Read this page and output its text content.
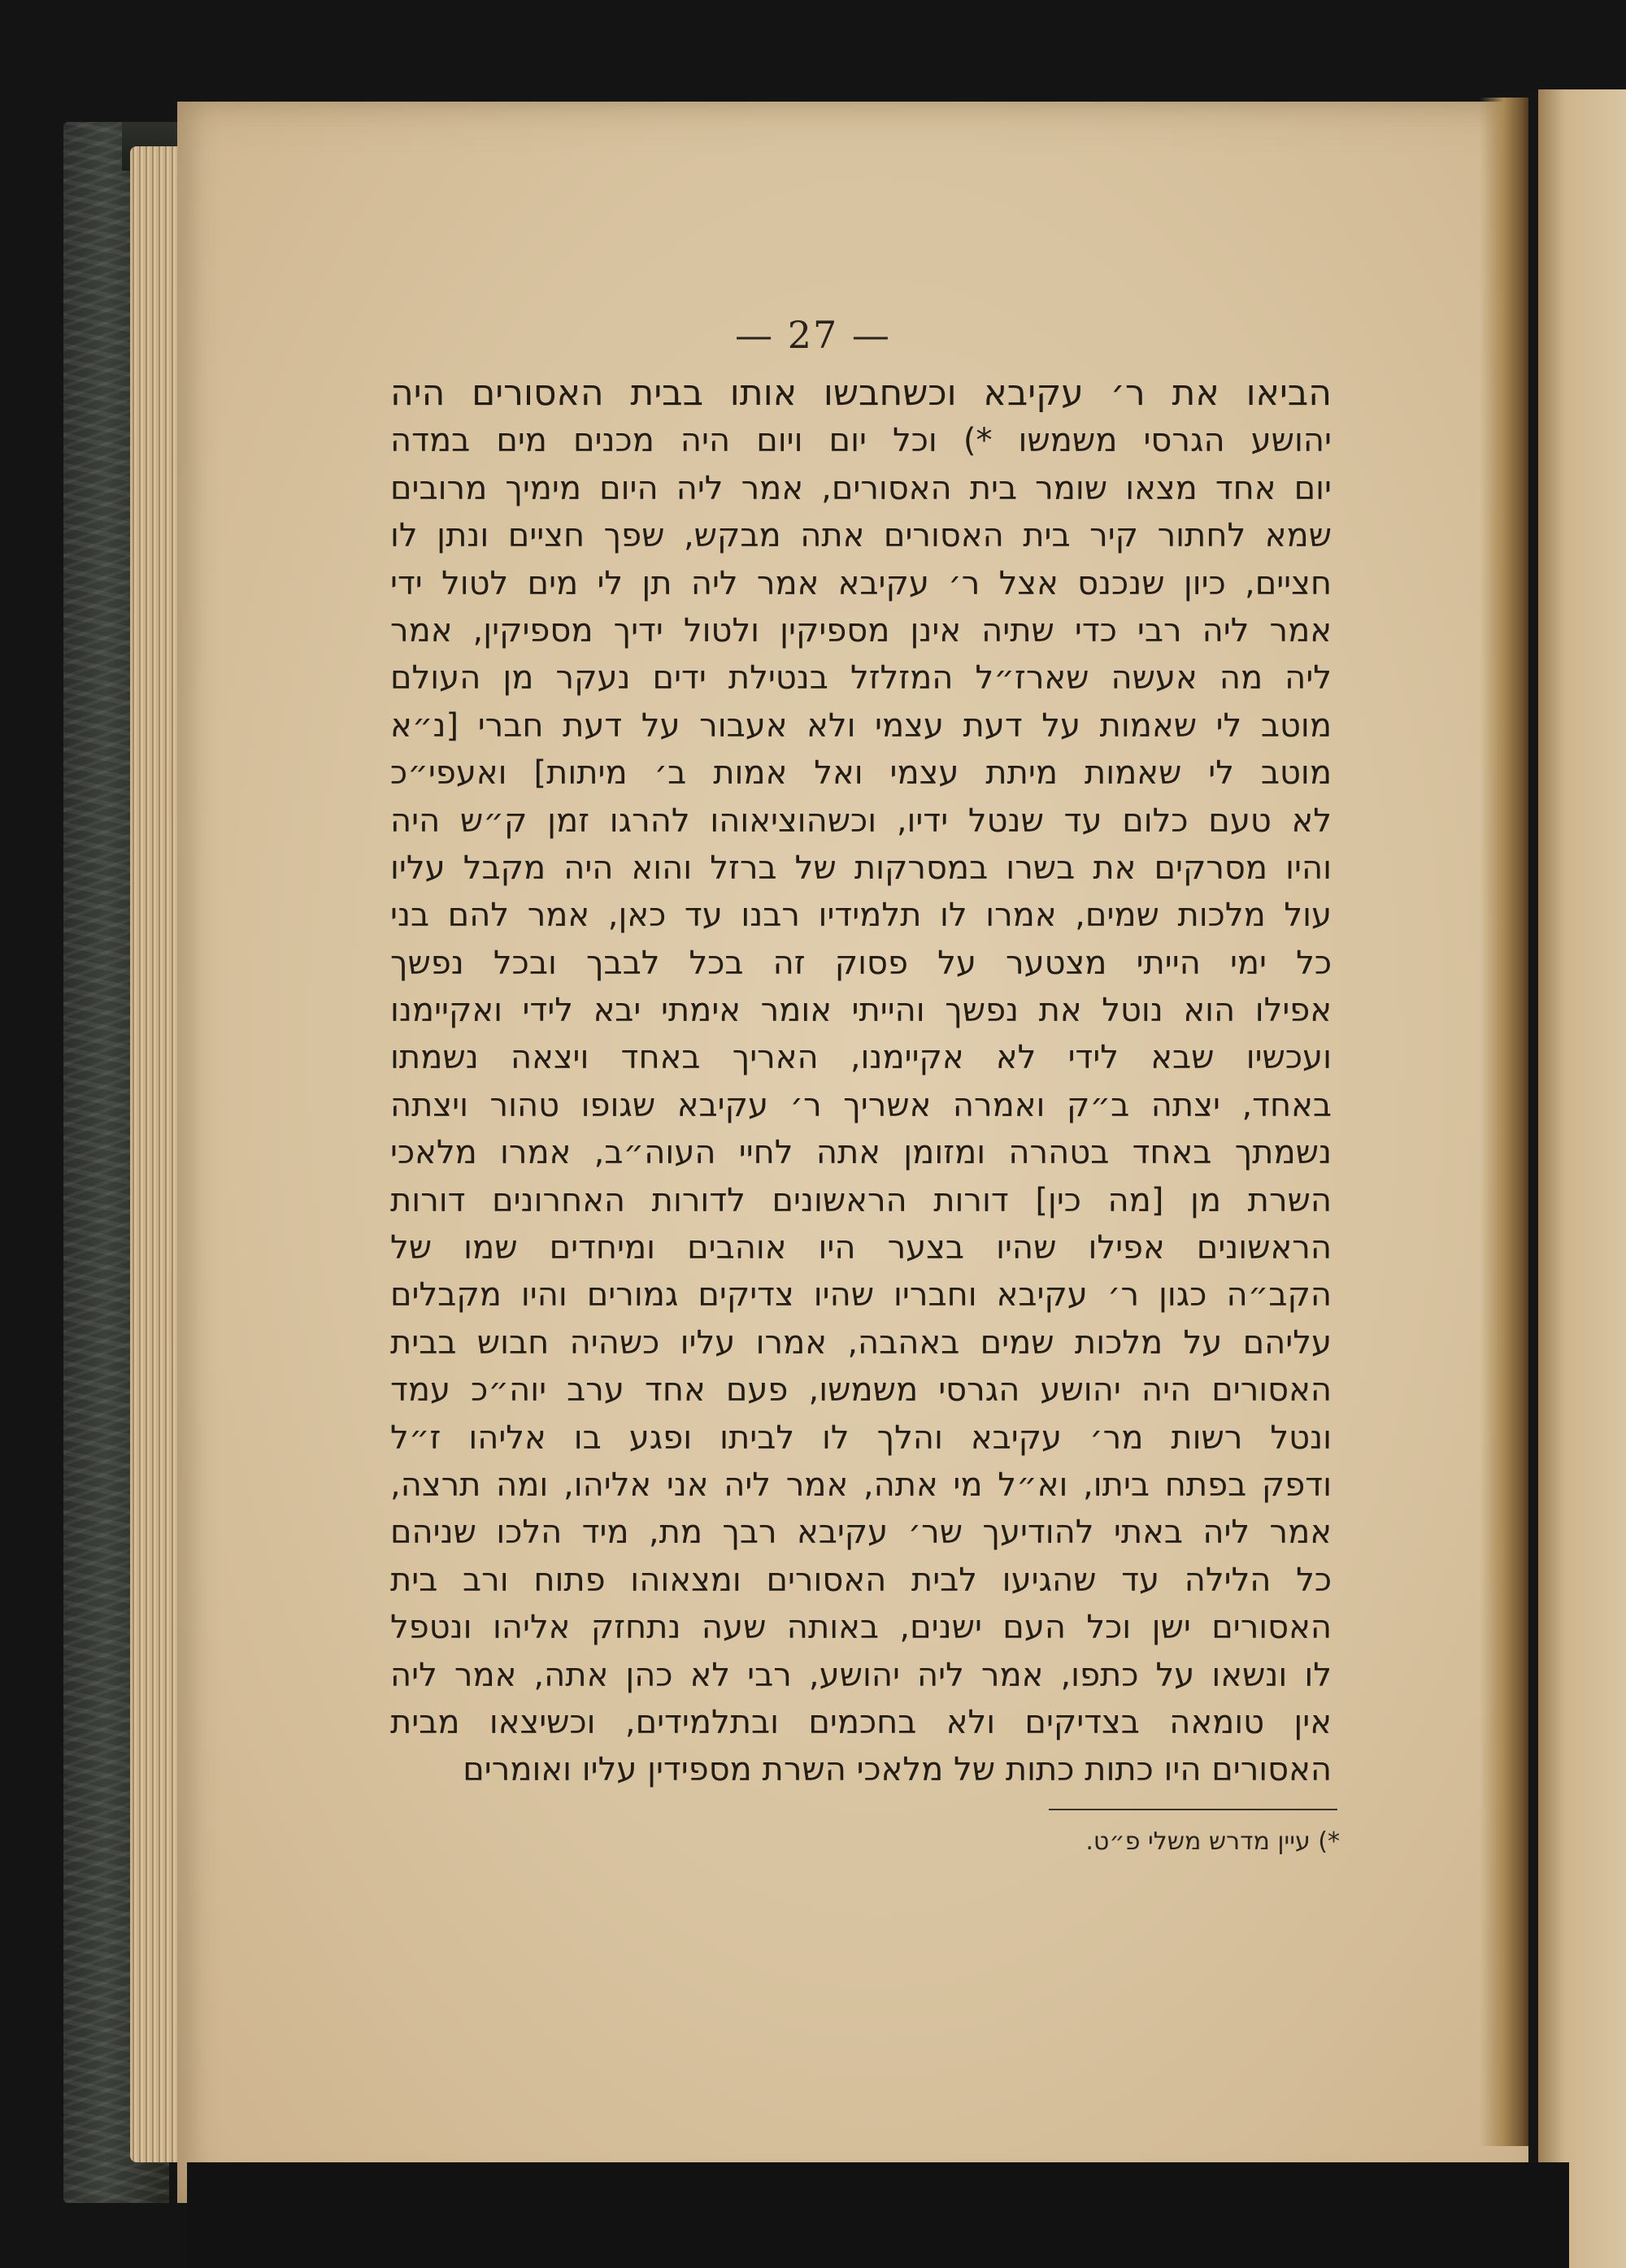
— 27 —
הביאו את ר׳ עקיבא וכשחבשו אותו בבית האסורים היה
יהושע הגרסי משמשו *) וכל יום ויום היה מכנים מים במדה
יום אחד מצאו שומר בית האסורים, אמר ליה היום מימיך מרובים
שמא לחתור קיר בית האסורים אתה מבקש, שפך חציים ונתן לו
חציים, כיון שנכנס אצל ר׳ עקיבא אמר ליה תן לי מים לטול ידי
אמר ליה רבי כדי שתיה אינן מספיקין ולטול ידיך מספיקין, אמר
ליה מה אעשה שארז״ל המזלזל בנטילת ידים נעקר מן העולם
מוטב לי שאמות על דעת עצמי ולא אעבור על דעת חברי [נ״א
מוטב לי שאמות מיתת עצמי ואל אמות ב׳ מיתות] ואעפי״כ
לא טעם כלום עד שנטל ידיו, וכשהוציאוהו להרגו זמן ק״ש היה
והיו מסרקים את בשרו במסרקות של ברזל והוא היה מקבל עליו
עול מלכות שמים, אמרו לו תלמידיו רבנו עד כאן, אמר להם בני
כל ימי הייתי מצטער על פסוק זה בכל לבבך ובכל נפשך
אפילו הוא נוטל את נפשך והייתי אומר אימתי יבא לידי ואקיימנו
ועכשיו שבא לידי לא אקיימנו, האריך באחד ויצאה נשמתו
באחד, יצתה ב״ק ואמרה אשריך ר׳ עקיבא שגופו טהור ויצתה
נשמתך באחד בטהרה ומזומן אתה לחיי העוה״ב, אמרו מלאכי
השרת מן [מה כין] דורות הראשונים לדורות האחרונים דורות
הראשונים אפילו שהיו בצער היו אוהבים ומיחדים שמו של
הקב״ה כגון ר׳ עקיבא וחבריו שהיו צדיקים גמורים והיו מקבלים
עליהם על מלכות שמים באהבה, אמרו עליו כשהיה חבוש בבית
האסורים היה יהושע הגרסי משמשו, פעם אחד ערב יוה״כ עמד
ונטל רשות מר׳ עקיבא והלך לו לביתו ופגע בו אליהו ז״ל
ודפק בפתח ביתו, וא״ל מי אתה, אמר ליה אני אליהו, ומה תרצה,
אמר ליה באתי להודיעך שר׳ עקיבא רבך מת, מיד הלכו שניהם
כל הלילה עד שהגיעו לבית האסורים ומצאוהו פתוח ורב בית
האסורים ישן וכל העם ישנים, באותה שעה נתחזק אליהו ונטפל
לו ונשאו על כתפו, אמר ליה יהושע, רבי לא כהן אתה, אמר ליה
אין טומאה בצדיקים ולא בחכמים ובתלמידים, וכשיצאו מבית
האסורים היו כתות כתות של מלאכי השרת מספידין עליו ואומרים
*) עיין מדרש משלי פ״ט.
